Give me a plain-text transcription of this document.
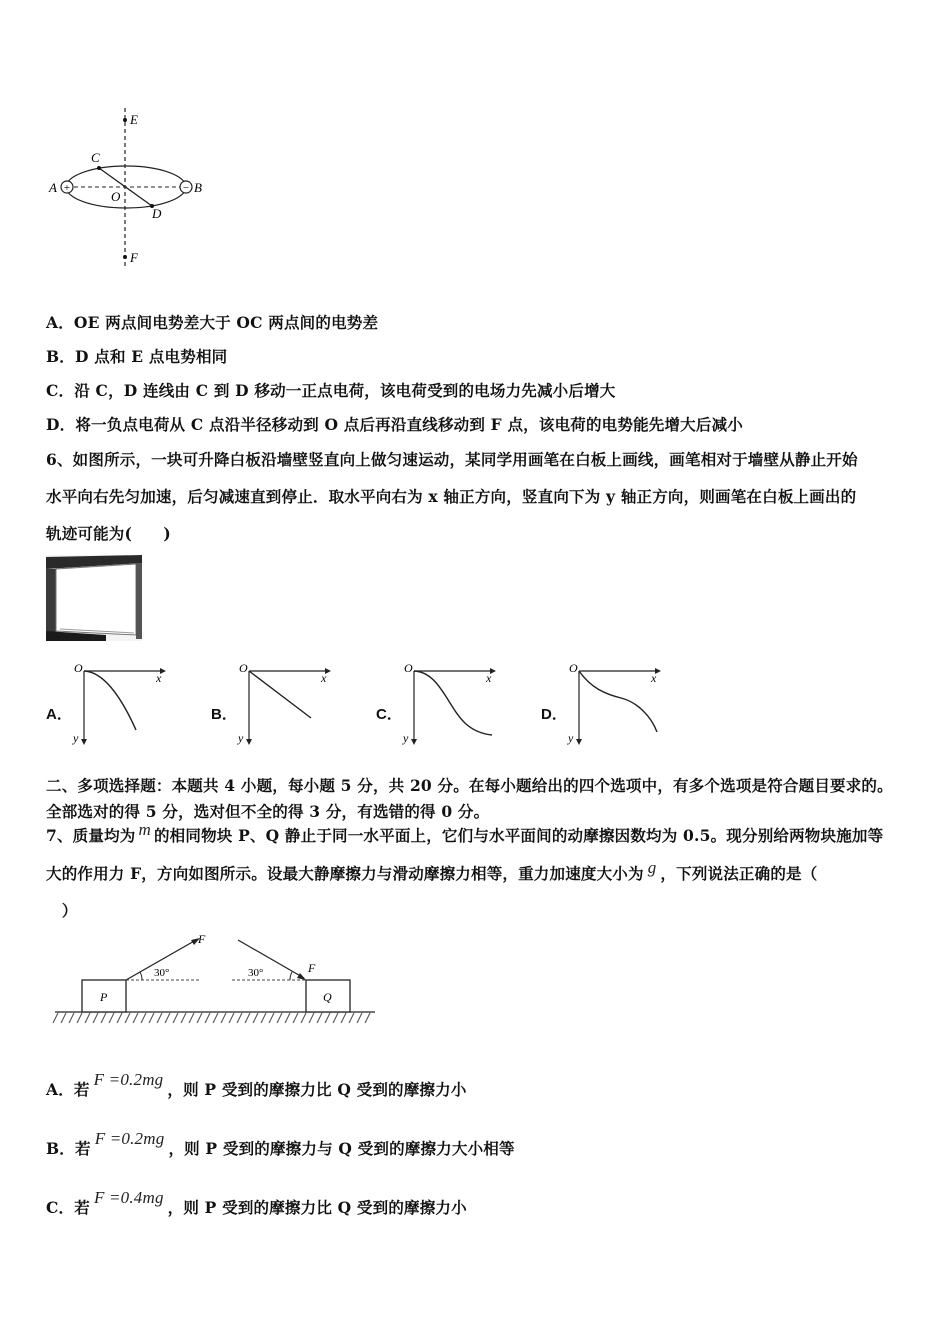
+	−
E
C
A	B
O
D
F
A．OE 两点间电势差大于 OC 两点间的电势差
B．D 点和 E 点电势相同
C．沿 C，D 连线由 C 到 D 移动一正点电荷，该电荷受到的电场力先减小后增大
D．将一负点电荷从 C 点沿半径移动到 O 点后再沿直线移动到 F 点，该电荷的电势能先增大后减小
6、如图所示，一块可升降白板沿墙壁竖直向上做匀速运动，某同学用画笔在白板上画线，画笔相对于墙壁从静止开始
水平向右先匀加速，后匀减速直到停止．取水平向右为 x 轴正方向，竖直向下为 y 轴正方向，则画笔在白板上画出的
轨迹可能为(　　)
A．
O
x
y
B．
O
x
y
C．
O
x
y
D．
O
x
y
二、多项选择题：本题共 4 小题，每小题 5 分，共 20 分。在每小题给出的四个选项中，有多个选项是符合题目要求的。
全部选对的得 5 分，选对但不全的得 3 分，有选错的得 0 分。
7、质量均为 m 的相同物块 P、Q 静止于同一水平面上，它们与水平面间的动摩擦因数均为 0.5。现分别给两物块施加等
大的作用力 F，方向如图所示。设最大静摩擦力与滑动摩擦力相等，重力加速度大小为 g ，下列说法正确的是（
　）
P	Q
30°
F
30°	F
A．若F =0.2mg，则 P 受到的摩擦力比 Q 受到的摩擦力小
B．若F =0.2mg，则 P 受到的摩擦力与 Q 受到的摩擦力大小相等
C．若F =0.4mg，则 P 受到的摩擦力比 Q 受到的摩擦力小
